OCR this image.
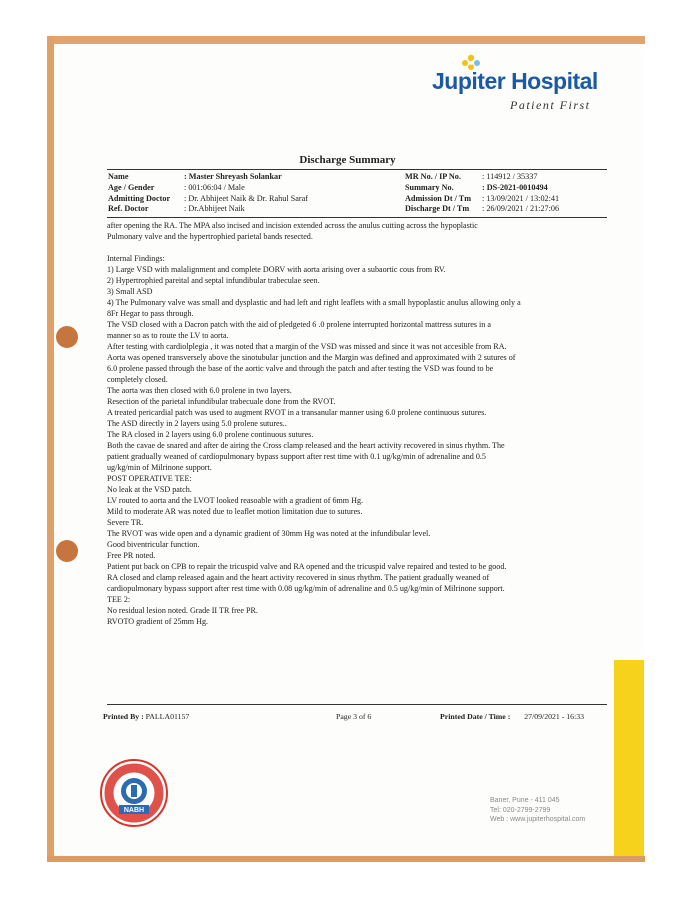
Jupiter Hospital
Patient First
Discharge Summary
Name
Age / Gender
Admitting Doctor
Ref. Doctor
: Master Shreyash Solankar
: 001:06:04 / Male
: Dr. Abhijeet Naik & Dr. Rahul Saraf
: Dr.Abhijeet Naik
MR No. / IP No.
Summary No.
Admission Dt / Tm
Discharge Dt / Tm
: 114912 / 35337
: DS-2021-0010494
: 13/09/2021 / 13:02:41
: 26/09/2021 / 21:27:06

after opening the RA. The MPA also incised and incision extended across the anulus cutting across the hypoplastic

Pulmonary valve and the hypertrophied parietal bands resected.

Internal Findings:

1) Large VSD with malalignment and complete DORV with aorta arising over a subaortic cous from RV.

2) Hypertrophied pareital and septal infundibular trabeculae seen.

3) Small ASD

4) The Pulmonary valve was small and dysplastic and had left and right leaflets with a small hypoplastic anulus allowing only a

8Fr Hegar to pass through.

The VSD closed with a Dacron patch with the aid of pledgeted 6 .0 prolene interrupted horizontal mattress sutures in a

manner so as to route the LV to aorta.

After testing with cardiolplegia , it was noted that a margin of the VSD was missed and since it was not accesible from RA.

Aorta was opened transversely above the sinotubular junction and the Margin was defined and approximated with 2 sutures of

6.0 prolene passed through the base of the aortic valve and through the patch and after testing the VSD was found to be

completely closed.

The aorta was then closed with 6.0 prolene in two layers.

Resection of the parietal infundibular trabecuale done from the RVOT.

A treated pericardial patch was used to augment RVOT in a transanular manner using 6.0 prolene continuous sutures.

The ASD directly in 2 layers using 5.0 prolene sutures..

The RA closed in 2 layers using 6.0 prolene continuous sutures.

Both the cavae de snared and after de airing the Cross clamp released and the heart activity recovered in sinus rhythm. The

patient gradually weaned of cardiopulmonary bypass support after rest time with 0.1 ug/kg/min of adrenaline and 0.5

ug/kg/min of Milrinone support.

POST OPERATIVE TEE:

No leak at the VSD patch.

LV routed to aorta and the LVOT looked reasoable with a gradient of 6mm Hg.

Mild to moderate AR was noted due to leaflet motion limitation due to sutures.

Severe TR.

The RVOT was wide open and a dynamic gradient of 30mm Hg was noted at the infundibular level.

Good biventricular function.

Free PR noted.

Patient put back on CPB to repair the tricuspid valve and RA opened and the tricuspid valve repaired and tested to be good.

RA closed and clamp released again and the heart activity recovered in sinus rhythm. The patient gradually weaned of

cardiopulmonary bypass support after rest time with 0.08 ug/kg/min of adrenaline and 0.5 ug/kg/min of Milrinone support.

TEE 2:

No residual lesion noted. Grade II TR free PR.

RVOTO gradient of 25mm Hg.

Printed By : PALLA01157	Page 3 of 6	Printed Date / Time : 27/09/2021 - 16:33
NABH
Baner, Pune - 411 045
Tel: 020-2799-2799
Web : www.jupiterhospital.com
